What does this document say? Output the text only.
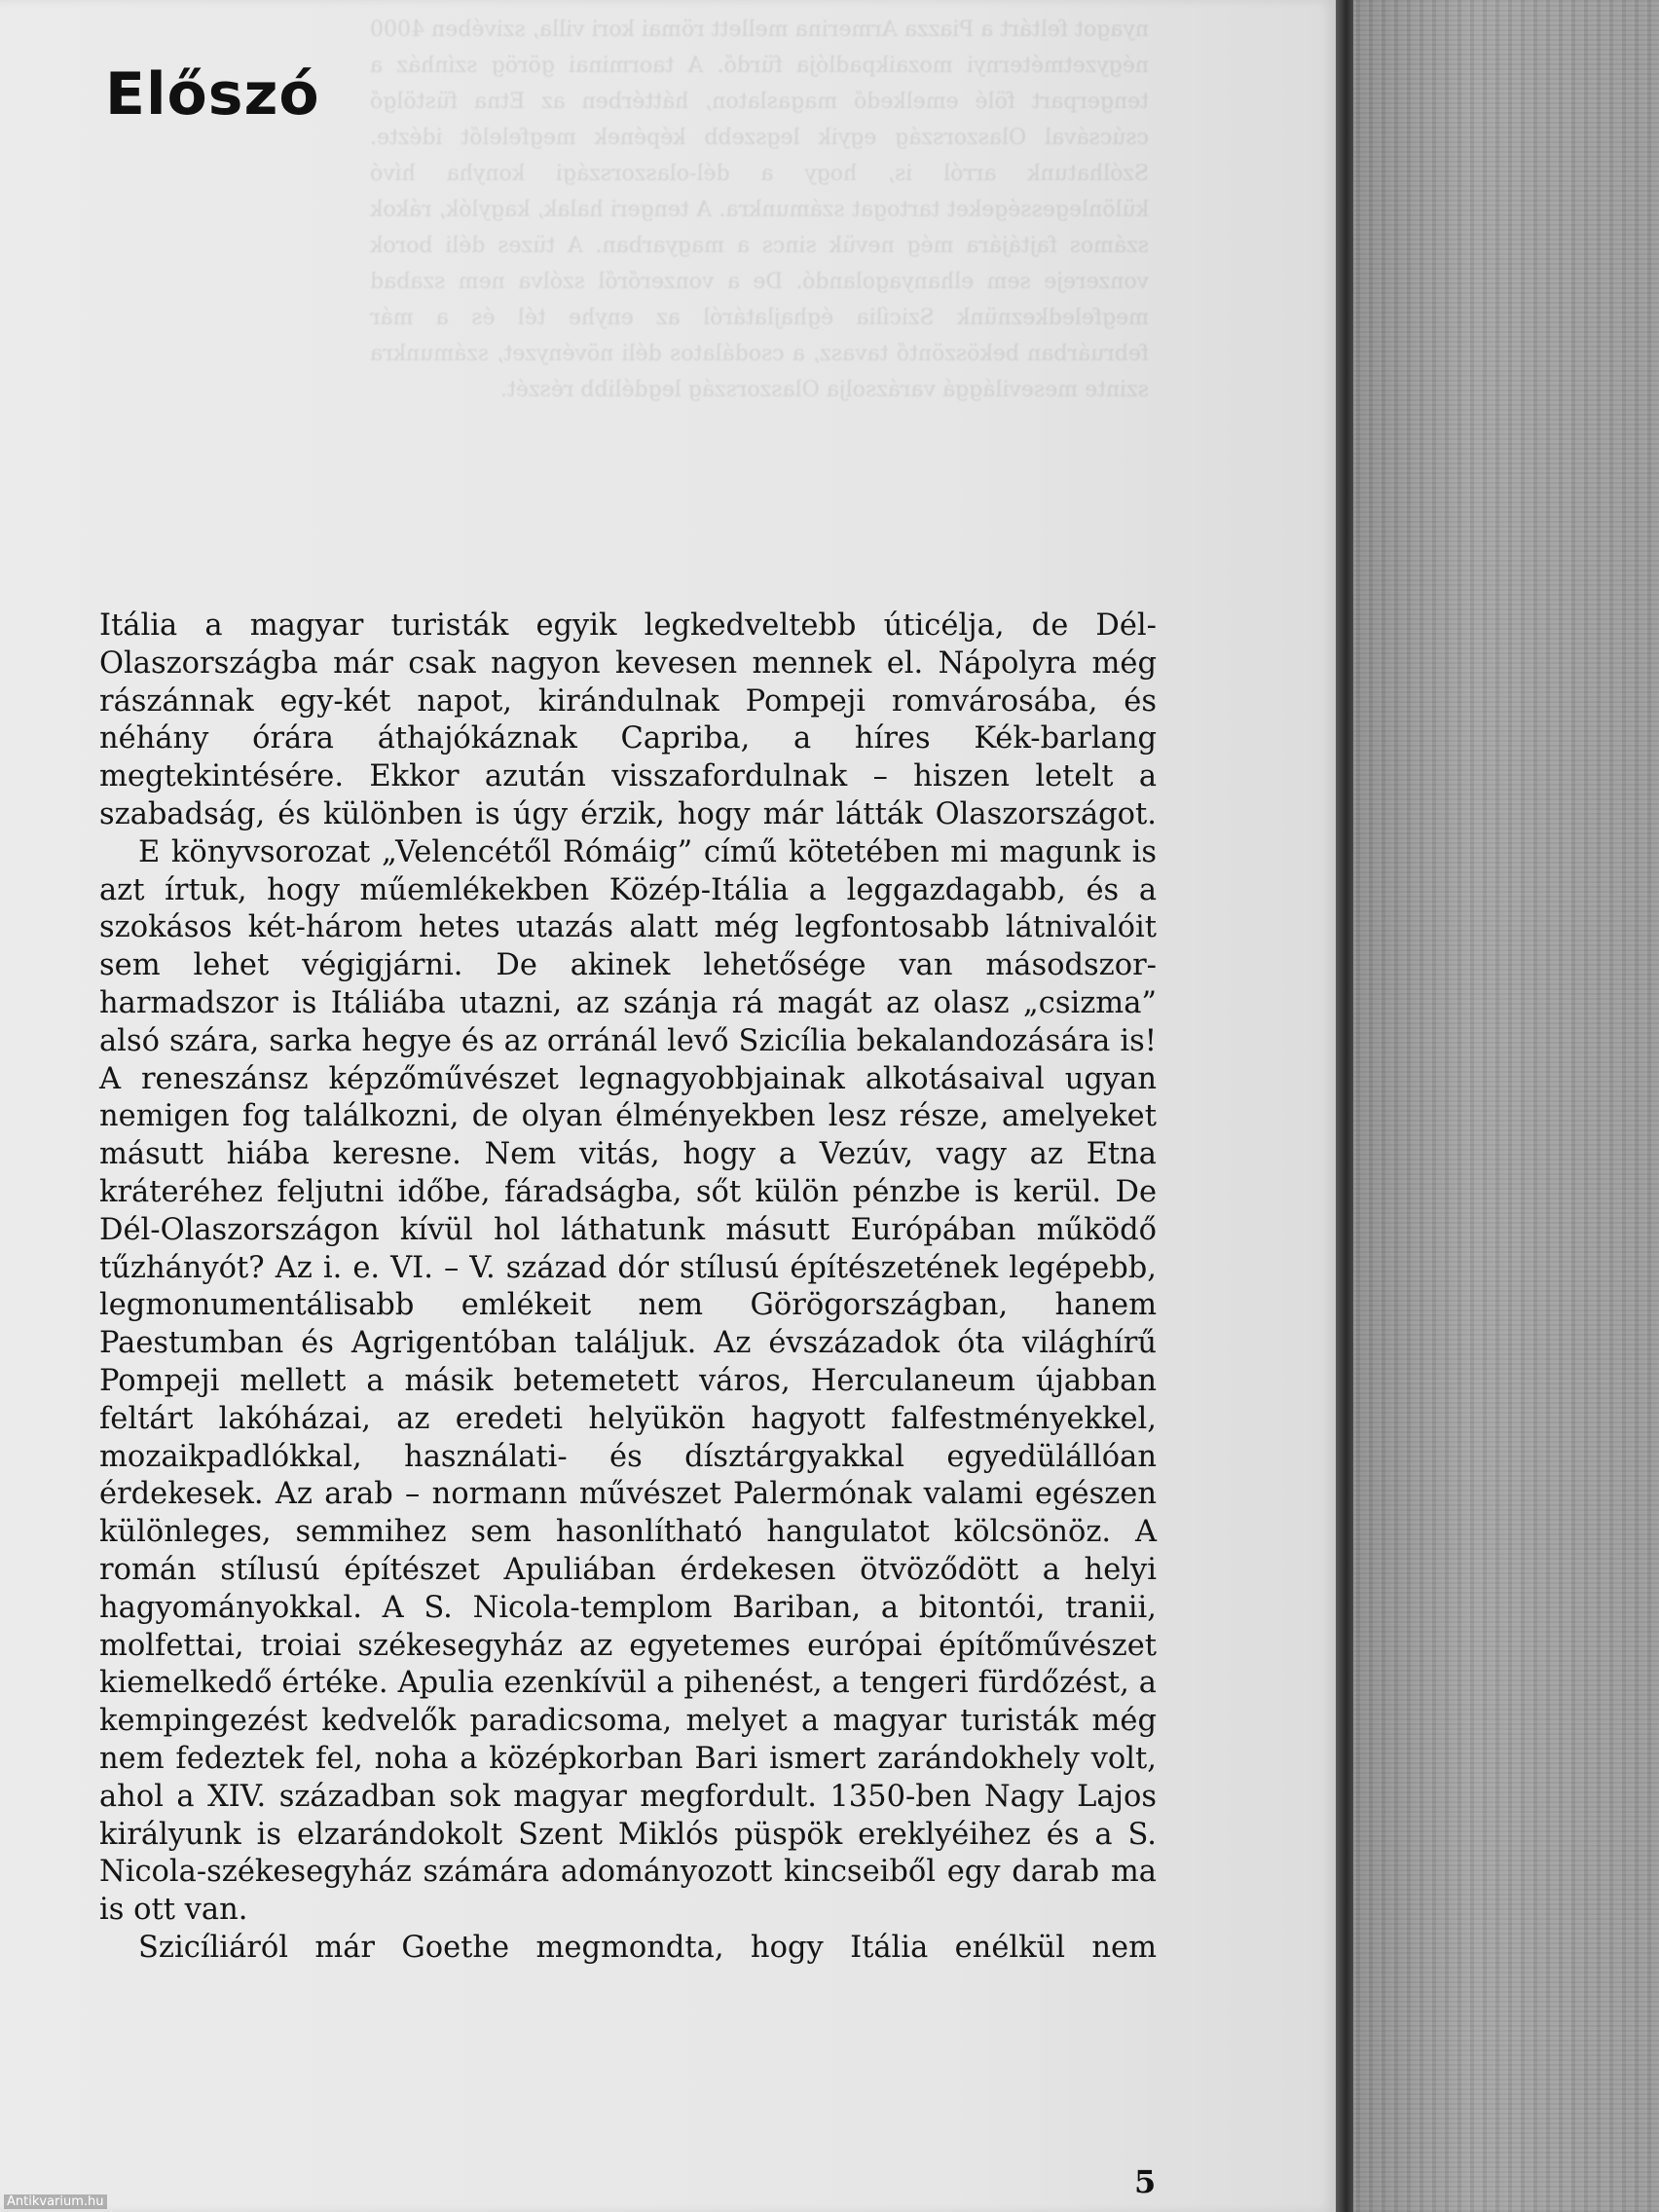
nyagot feltárt a Piazza Armerina mellett römai kori villa, szivében 4000 négyzetméternyi mozaikpadlója fürdő. A taorminai görög színház a tengerpart fölé emelkedő magaslaton, háttérben az Etna füstölgő csúcsával Olaszország egyik legszebb képének megfelelőt idézte. Szólhatunk arról is, hogy a dél-olaszországi konyha hívó különlegességeket tartogat számunkra. A tengeri halak, kagylók, rákok számos fajtájára még nevük sincs a magyarban. A tüzes déli borok vonzereje sem elhanyagolandó. De a vonzerőről szólva nem szabad megfeledkeznünk Szicília éghajlatáról az enyhe tél és a már februárban beköszöntő tavasz, a csodálatos déli növényzet, számunkra szinte mesevilággá varázsolja Olaszország legdélibb részét.

Előszó

Itália a magyar turisták egyik legkedveltebb úticélja, de Dél-Olaszországba már csak nagyon kevesen mennek el. Nápolyra még rászánnak egy-két napot, kirándulnak Pompeji romvárosába, és néhány órára áthajókáznak Capriba, a híres Kék-barlang megtekintésére. Ekkor azután visszafordulnak – hiszen letelt a szabadság, és különben is úgy érzik, hogy már látták Olaszországot.

E könyvsorozat „Velencétől Rómáig” című kötetében mi magunk is azt írtuk, hogy műemlékekben Közép-Itália a leggazdagabb, és a szokásos két-három hetes utazás alatt még legfontosabb látnivalóit sem lehet végigjárni. De akinek lehetősége van másodszor-harmadszor is Itáliába utazni, az szánja rá magát az olasz „csizma” alsó szára, sarka hegye és az orránál levő Szicília bekalandozására is! A reneszánsz képzőművészet legnagyobbjainak alkotásaival ugyan nemigen fog találkozni, de olyan élményekben lesz része, amelyeket másutt hiába keresne. Nem vitás, hogy a Vezúv, vagy az Etna kráteréhez feljutni időbe, fáradságba, sőt külön pénzbe is kerül. De Dél-Olaszországon kívül hol láthatunk másutt Európában működő tűzhányót? Az i. e. VI. – V. század dór stílusú építészetének legépebb, legmonumentálisabb emlékeit nem Görögországban, hanem Paestumban és Agrigentóban találjuk. Az évszázadok óta világhírű Pompeji mellett a másik betemetett város, Herculaneum újabban feltárt lakóházai, az eredeti helyükön hagyott falfestményekkel, mozaikpadlókkal, használati- és dísztárgyakkal egyedülállóan érdekesek. Az arab – normann művészet Palermónak valami egészen különleges, semmihez sem hasonlítható hangulatot kölcsönöz. A román stílusú építészet Apuliában érdekesen ötvöződött a helyi hagyományokkal. A S. Nicola-templom Bariban, a bitontói, tranii, molfettai, troiai székesegyház az egyetemes európai építőművészet kiemelkedő értéke. Apulia ezenkívül a pihenést, a tengeri fürdőzést, a kempingezést kedvelők paradicsoma, melyet a magyar turisták még nem fedeztek fel, noha a középkorban Bari ismert zarándokhely volt, ahol a XIV. században sok magyar megfordult. 1350-ben Nagy Lajos királyunk is elzarándokolt Szent Miklós püspök ereklyéihez és a S. Nicola-székesegyház számára adományozott kincseiből egy darab ma is ott van.

Szicíliáról már Goethe megmondta, hogy Itália enélkül nem

5
Antikvarium.hu
